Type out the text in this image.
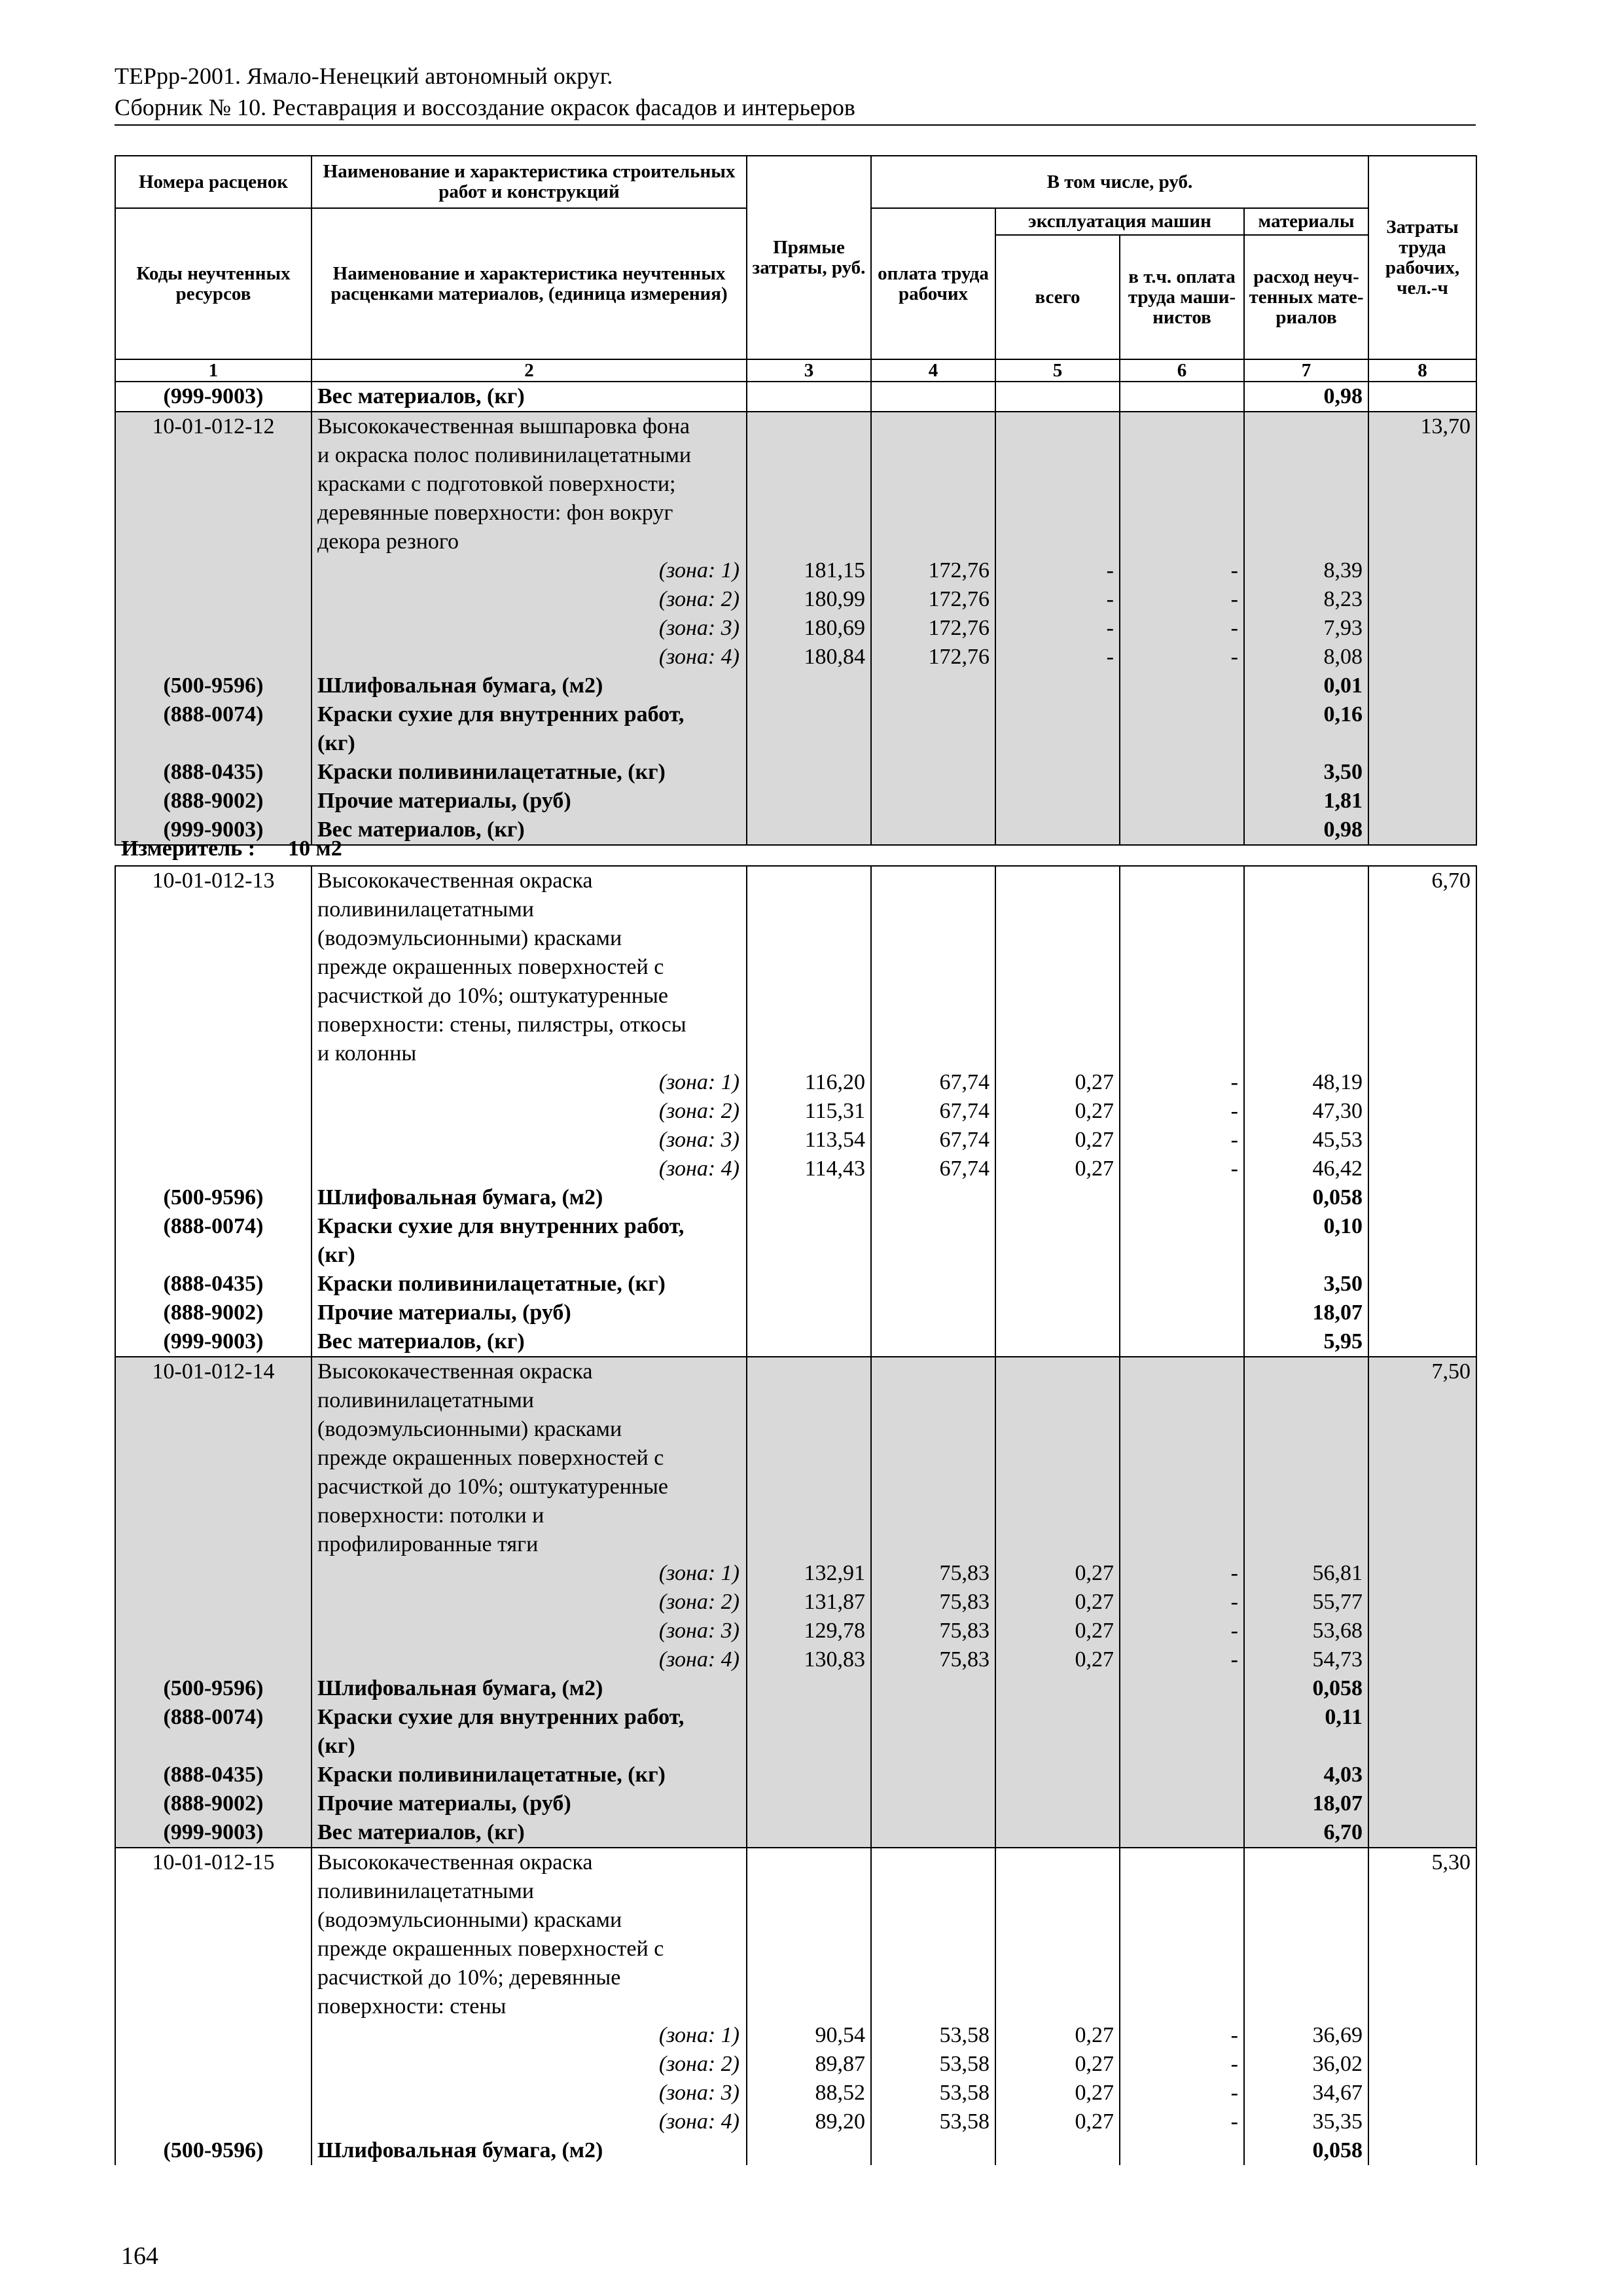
ТЕРрр-2001. Ямало-Ненецкий автономный округ.
Сборник № 10. Реставрация и воссоздание окрасок фасадов и интерьеров
Номера расценок	Наименование и характеристика строительных работ и конструкций	Прямые затраты, руб.	В том числе, руб.				Затраты труда рабочих, чел.-ч
Коды неучтенных ресурсов	Наименование и характеристика неучтенных расценками материалов, (единица измерения)		оплата труда рабочих	эксплуатация машин		материалы	
				всего	в т.ч. оплата труда маши-нистов	расход неуч-тенных мате-риалов	
1	2	3	4	5	6	7	8
(999-9003)	Вес материалов, (кг)					0,98	
10-01-012-12	Высококачественная вышпаровка фона						13,70
	и окраска полос поливинилацетатными						
	красками с подготовкой поверхности;						
	деревянные поверхности: фон вокруг						
	декора резного						
	(зона: 1)	181,15	172,76	-	-	8,39	
	(зона: 2)	180,99	172,76	-	-	8,23	
	(зона: 3)	180,69	172,76	-	-	7,93	
	(зона: 4)	180,84	172,76	-	-	8,08	
(500-9596)	Шлифовальная бумага, (м2)					0,01	
(888-0074)	Краски сухие для внутренних работ,					0,16	
	(кг)						
(888-0435)	Краски поливинилацетатные, (кг)					3,50	
(888-9002)	Прочие материалы, (руб)					1,81	
(999-9003)	Вес материалов, (кг)					0,98	
Измеритель : 10 м2
10-01-012-13	Высококачественная окраска						6,70
	поливинилацетатными						
	(водоэмульсионными) красками						
	прежде окрашенных поверхностей с						
	расчисткой до 10%; оштукатуренные						
	поверхности: стены, пилястры, откосы						
	и колонны						
	(зона: 1)	116,20	67,74	0,27	-	48,19	
	(зона: 2)	115,31	67,74	0,27	-	47,30	
	(зона: 3)	113,54	67,74	0,27	-	45,53	
	(зона: 4)	114,43	67,74	0,27	-	46,42	
(500-9596)	Шлифовальная бумага, (м2)					0,058	
(888-0074)	Краски сухие для внутренних работ,					0,10	
	(кг)						
(888-0435)	Краски поливинилацетатные, (кг)					3,50	
(888-9002)	Прочие материалы, (руб)					18,07	
(999-9003)	Вес материалов, (кг)					5,95	
10-01-012-14	Высококачественная окраска						7,50
	поливинилацетатными						
	(водоэмульсионными) красками						
	прежде окрашенных поверхностей с						
	расчисткой до 10%; оштукатуренные						
	поверхности: потолки и						
	профилированные тяги						
	(зона: 1)	132,91	75,83	0,27	-	56,81	
	(зона: 2)	131,87	75,83	0,27	-	55,77	
	(зона: 3)	129,78	75,83	0,27	-	53,68	
	(зона: 4)	130,83	75,83	0,27	-	54,73	
(500-9596)	Шлифовальная бумага, (м2)					0,058	
(888-0074)	Краски сухие для внутренних работ,					0,11	
	(кг)						
(888-0435)	Краски поливинилацетатные, (кг)					4,03	
(888-9002)	Прочие материалы, (руб)					18,07	
(999-9003)	Вес материалов, (кг)					6,70	
10-01-012-15	Высококачественная окраска						5,30
	поливинилацетатными						
	(водоэмульсионными) красками						
	прежде окрашенных поверхностей с						
	расчисткой до 10%; деревянные						
	поверхности: стены						
	(зона: 1)	90,54	53,58	0,27	-	36,69	
	(зона: 2)	89,87	53,58	0,27	-	36,02	
	(зона: 3)	88,52	53,58	0,27	-	34,67	
	(зона: 4)	89,20	53,58	0,27	-	35,35	
(500-9596)	Шлифовальная бумага, (м2)					0,058	
164
